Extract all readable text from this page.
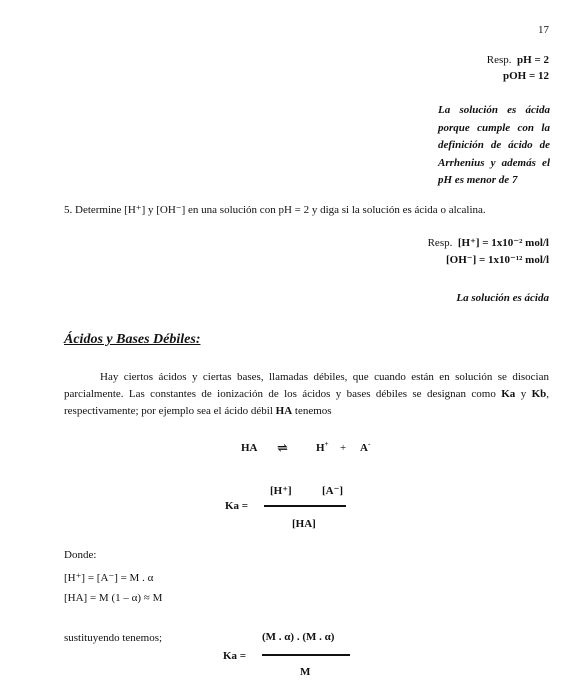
17
Resp. pH = 2
pOH = 12
La solución es ácida porque cumple con la definición de ácido de Arrhenius y además el pH es menor de 7
5. Determine [H⁺] y [OH⁻] en una solución con pH = 2 y diga si la solución es ácida o alcalina.
Resp. [H⁺] = 1x10⁻² mol/l
[OH⁻] = 1x10⁻¹² mol/l
La solución es ácida
Ácidos y Bases Débiles:
Hay ciertos ácidos y ciertas bases, llamadas débiles, que cuando están en solución se disocian parcialmente. Las constantes de ionización de los ácidos y bases débiles se designan como Ka y Kb, respectivamente; por ejemplo sea el ácido débil HA tenemos
HA ⇌	H+ + A-
Ka =
[H⁺]	[A⁻]
[HA]
Donde:
[H⁺] = [A⁻] = M . α
[HA] = M (1 – α) ≈ M
sustituyendo tenemos;
Ka =
(M . α) . (M . α)
M
